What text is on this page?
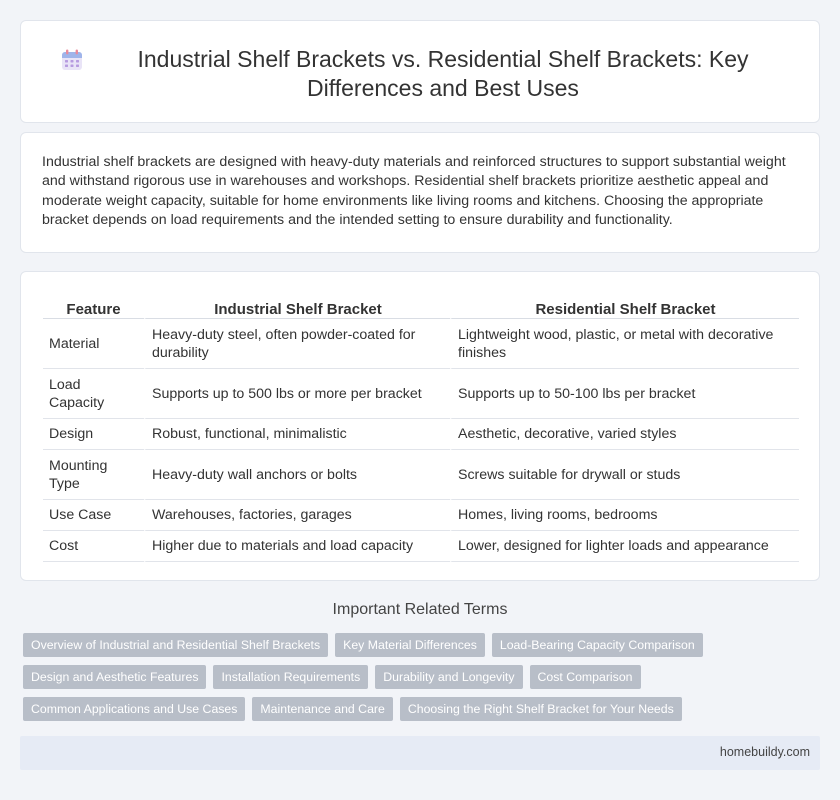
Industrial Shelf Brackets vs. Residential Shelf Brackets: Key Differences and Best Uses

Industrial shelf brackets are designed with heavy-duty materials and reinforced structures to support substantial weight and withstand rigorous use in warehouses and workshops. Residential shelf brackets prioritize aesthetic appeal and moderate weight capacity, suitable for home environments like living rooms and kitchens. Choosing the appropriate bracket depends on load requirements and the intended setting to ensure durability and functionality.

Feature	Industrial Shelf Bracket	Residential Shelf Bracket
Material	Heavy-duty steel, often powder-coated for durability	Lightweight wood, plastic, or metal with decorative finishes
Load Capacity	Supports up to 500 lbs or more per bracket	Supports up to 50-100 lbs per bracket
Design	Robust, functional, minimalistic	Aesthetic, decorative, varied styles
Mounting Type	Heavy-duty wall anchors or bolts	Screws suitable for drywall or studs
Use Case	Warehouses, factories, garages	Homes, living rooms, bedrooms
Cost	Higher due to materials and load capacity	Lower, designed for lighter loads and appearance
Important Related Terms
Overview of Industrial and Residential Shelf Brackets	Key Material Differences	Load-Bearing Capacity Comparison
Design and Aesthetic Features	Installation Requirements	Durability and Longevity	Cost Comparison
Common Applications and Use Cases	Maintenance and Care	Choosing the Right Shelf Bracket for Your Needs
homebuildy.com
